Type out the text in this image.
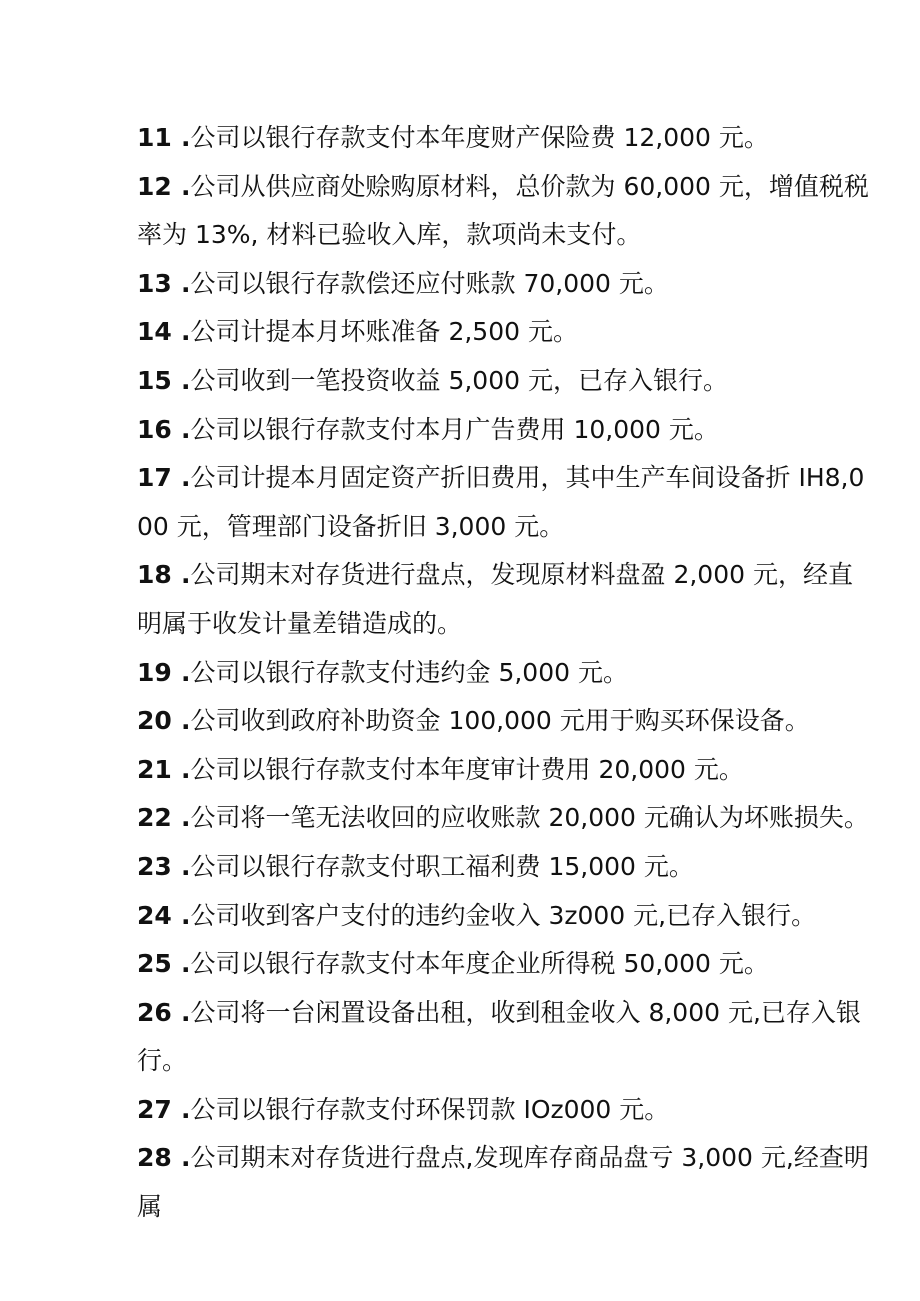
11 .公司以银行存款支付本年度财产保险费 12,000 元。
12 .公司从供应商处赊购原材料，总价款为 60,000 元，增值税税率为 13%, 材料已验收入库，款项尚未支付。
13 .公司以银行存款偿还应付账款 70,000 元。
14 .公司计提本月坏账准备 2,500 元。
15 .公司收到一笔投资收益 5,000 元，已存入银行。
16 .公司以银行存款支付本月广告费用 10,000 元。
17 .公司计提本月固定资产折旧费用，其中生产车间设备折 IH8,000 元，管理部门设备折旧 3,000 元。
18 .公司期末对存货进行盘点，发现原材料盘盈 2,000 元，经直明属于收发计量差错造成的。
19 .公司以银行存款支付违约金 5,000 元。
20 .公司收到政府补助资金 100,000 元用于购买环保设备。
21 .公司以银行存款支付本年度审计费用 20,000 元。
22 .公司将一笔无法收回的应收账款 20,000 元确认为坏账损失。
23 .公司以银行存款支付职工福利费 15,000 元。
24 .公司收到客户支付的违约金收入 3z000 元,已存入银行。
25 .公司以银行存款支付本年度企业所得税 50,000 元。
26 .公司将一台闲置设备出租，收到租金收入 8,000 元,已存入银行。
27 .公司以银行存款支付环保罚款 IOz000 元。
28 .公司期末对存货进行盘点,发现库存商品盘亏 3,000 元,经查明属
